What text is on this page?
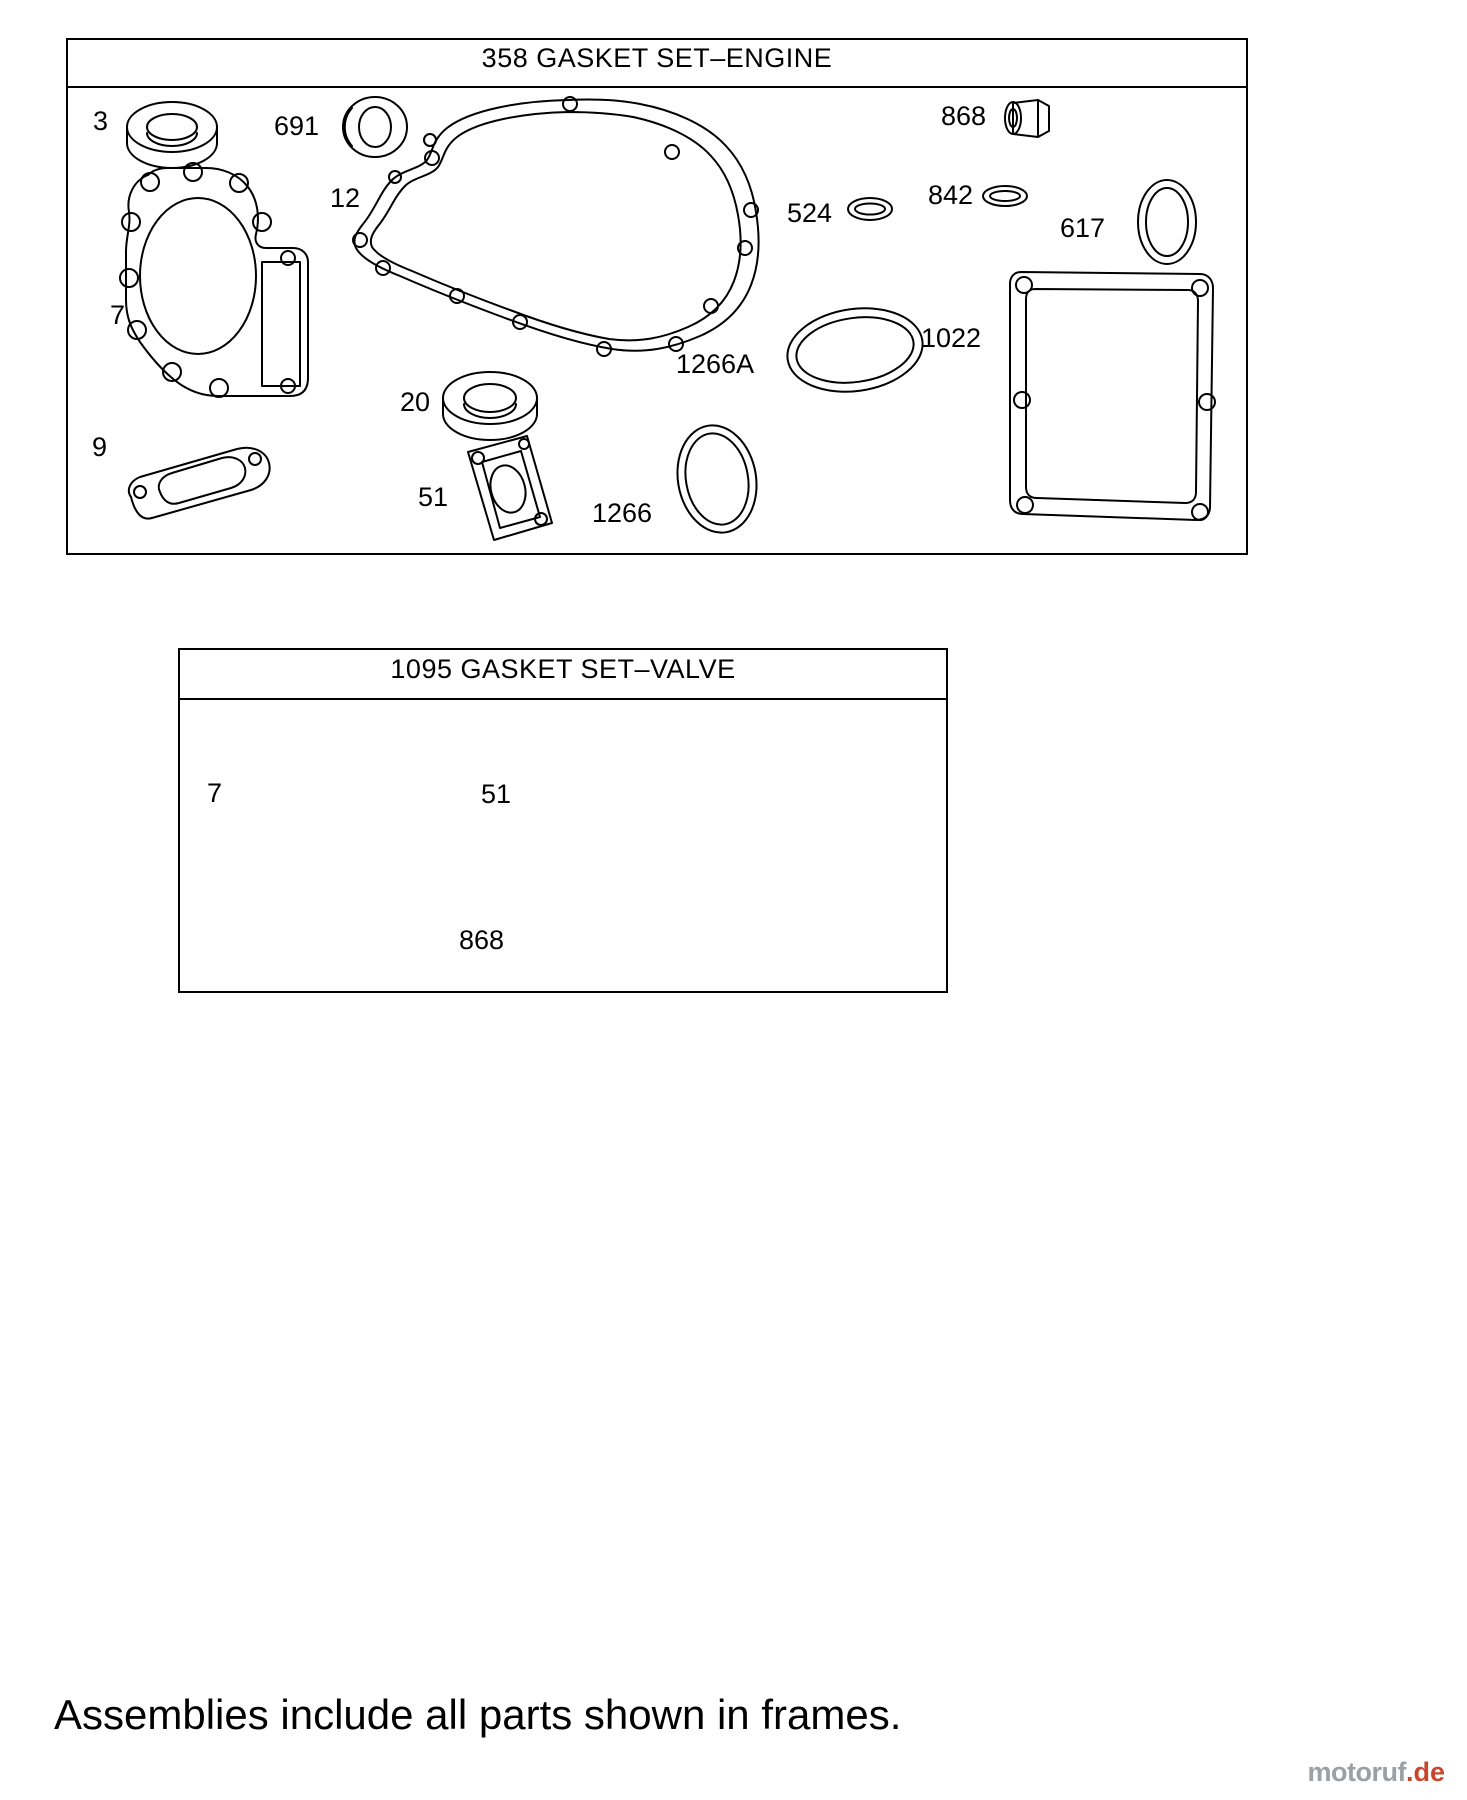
358 GASKET SET–ENGINE
3	691	868
12	524
842
617
7
1022
1266A
20
9
51
1266
1095 GASKET SET–VALVE
7	51
868
Assemblies include all parts shown in frames.
motoruf.de
